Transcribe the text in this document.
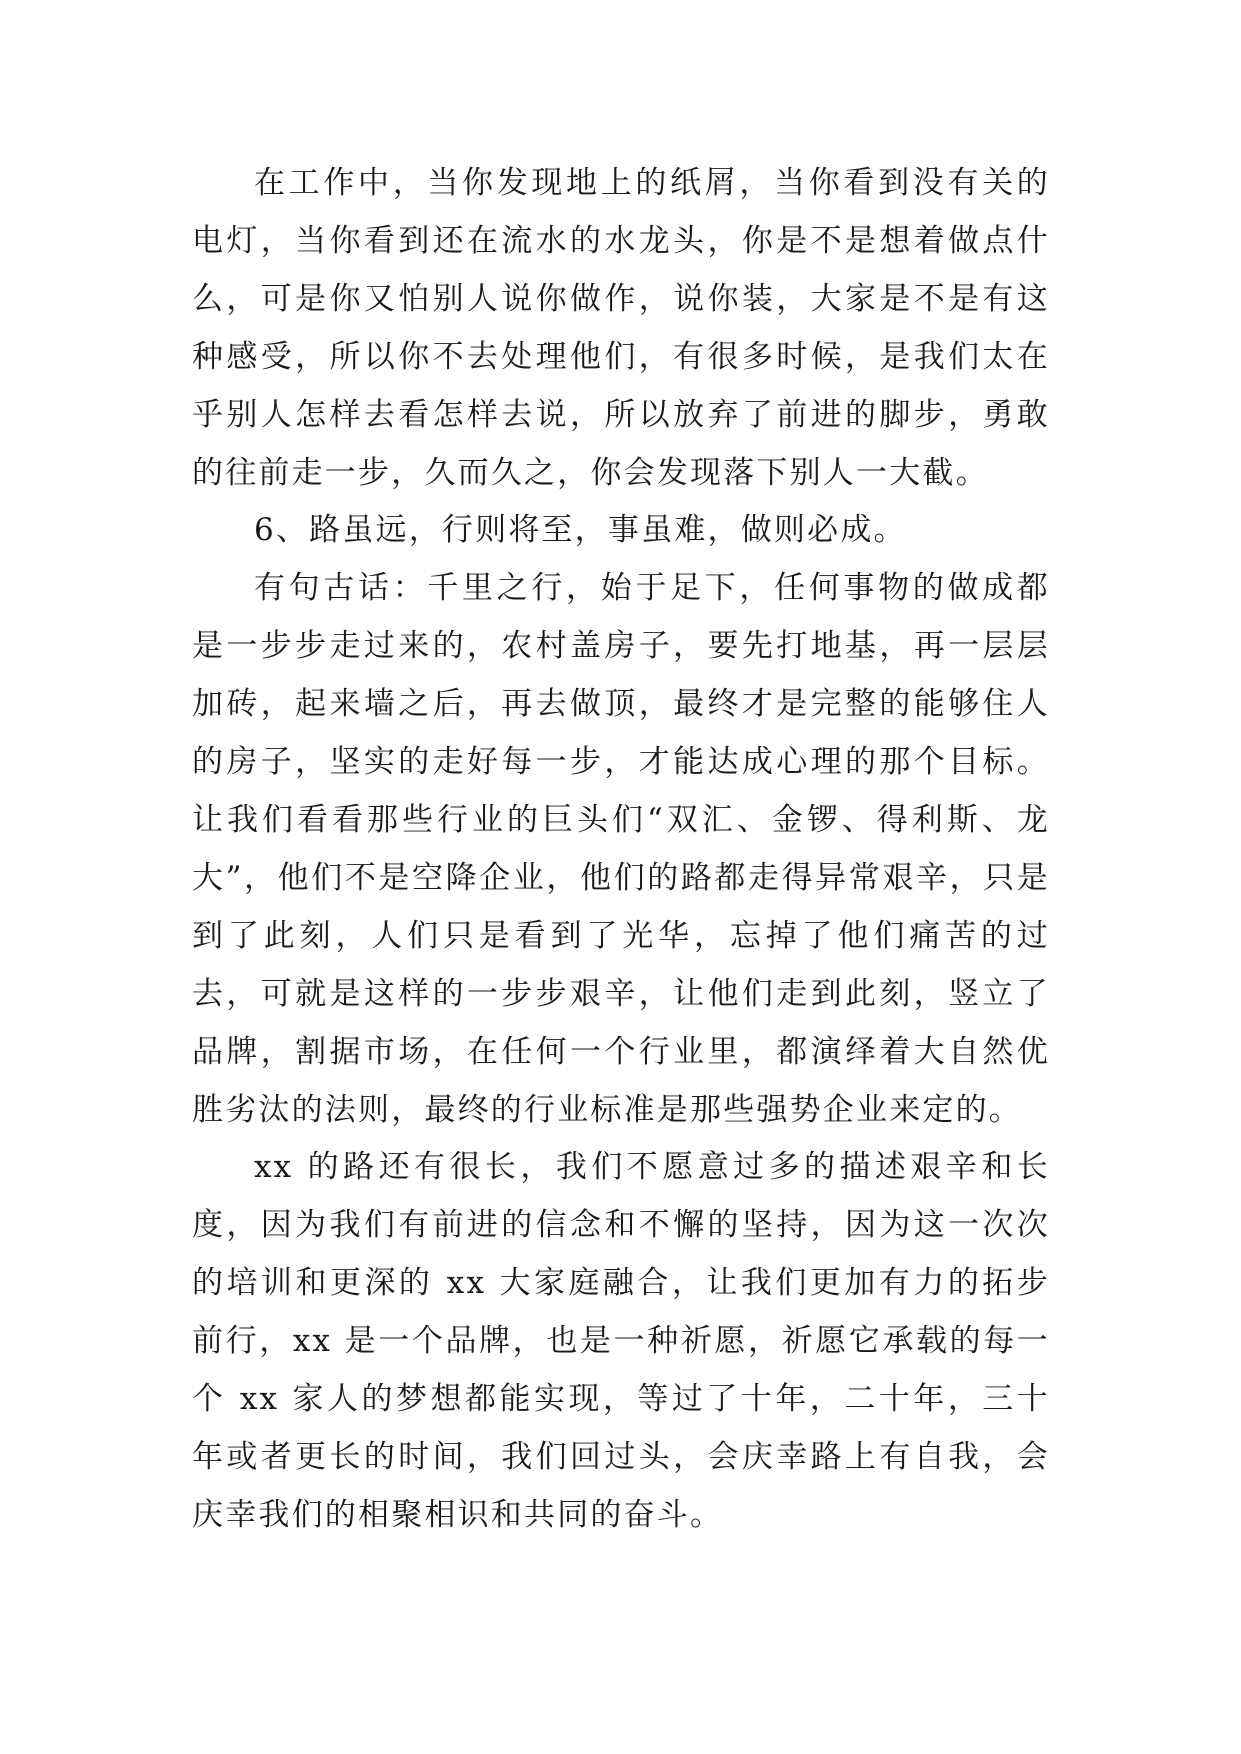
在工作中，当你发现地上的纸屑，当你看到没有关的电灯，当你看到还在流水的水龙头，你是不是想着做点什么，可是你又怕别人说你做作，说你装，大家是不是有这种感受，所以你不去处理他们，有很多时候，是我们太在乎别人怎样去看怎样去说，所以放弃了前进的脚步，勇敢的往前走一步，久而久之，你会发现落下别人一大截。

6、路虽远，行则将至，事虽难，做则必成。

有句古话：千里之行，始于足下，任何事物的做成都是一步步走过来的，农村盖房子，要先打地基，再一层层加砖，起来墙之后，再去做顶，最终才是完整的能够住人的房子，坚实的走好每一步，才能达成心理的那个目标。让我们看看那些行业的巨头们“双汇、金锣、得利斯、龙大”，他们不是空降企业，他们的路都走得异常艰辛，只是到了此刻，人们只是看到了光华，忘掉了他们痛苦的过去，可就是这样的一步步艰辛，让他们走到此刻，竖立了品牌，割据市场，在任何一个行业里，都演绎着大自然优胜劣汰的法则，最终的行业标准是那些强势企业来定的。

xx 的路还有很长，我们不愿意过多的描述艰辛和长度，因为我们有前进的信念和不懈的坚持，因为这一次次的培训和更深的 xx 大家庭融合，让我们更加有力的拓步前行，xx 是一个品牌，也是一种祈愿，祈愿它承载的每一个 xx 家人的梦想都能实现，等过了十年，二十年，三十年或者更长的时间，我们回过头，会庆幸路上有自我，会庆幸我们的相聚相识和共同的奋斗。
